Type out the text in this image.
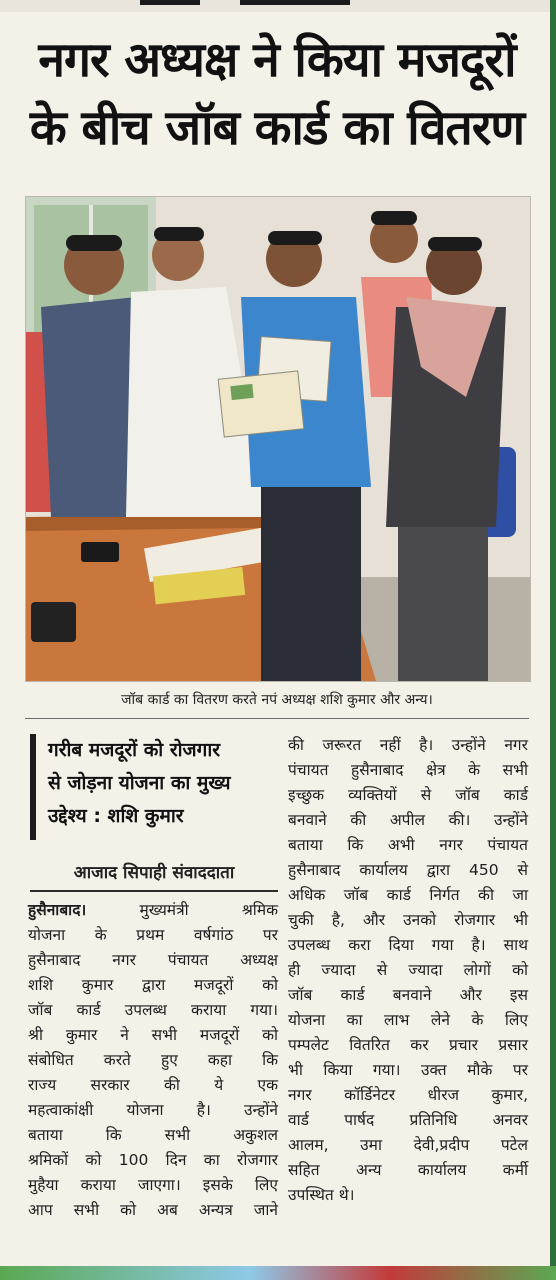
नगर अध्यक्ष ने किया मजदूरों
के बीच जॉब कार्ड का वितरण
जॉब कार्ड का वितरण करते नपं अध्यक्ष शशि कुमार और अन्य।
गरीब मजदूरों को रोजगार
से जोड़ना योजना का मुख्य
उद्देश्य : शशि कुमार
आजाद सिपाही संवाददाता
हुसैनाबाद।	मुख्यमंत्री श्रमिक
योजना के प्रथम वर्षगांठ पर
हुसैनाबाद नगर पंचायत अध्यक्ष
शशि कुमार द्वारा मजदूरों को
जॉब कार्ड उपलब्ध कराया गया।
श्री कुमार ने सभी मजदूरों को
संबोधित करते हुए कहा कि
राज्य सरकार की ये एक
महत्वाकांक्षी योजना है। उन्होंने
बताया कि सभी अकुशल
श्रमिकों को 100 दिन का रोजगार
मुहैया कराया जाएगा। इसके लिए
आप सभी को अब अन्यत्र जाने
की जरूरत नहीं है। उन्होंने नगर
पंचायत हुसैनाबाद क्षेत्र के सभी
इच्छुक व्यक्तियों से जॉब कार्ड
बनवाने की अपील की। उन्होंने
बताया कि अभी नगर पंचायत
हुसैनाबाद कार्यालय द्वारा 450 से
अधिक जॉब कार्ड निर्गत की जा
चुकी है, और उनको रोजगार भी
उपलब्ध करा दिया गया है। साथ
ही ज्यादा से ज्यादा लोगों को
जॉब कार्ड बनवाने और इस
योजना का लाभ लेने के लिए
पम्पलेट वितरित कर प्रचार प्रसार
भी किया गया। उक्त मौके पर
नगर कॉर्डिनेटर धीरज कुमार,
वार्ड पार्षद प्रतिनिधि अनवर
आलम, उमा देवी,प्रदीप पटेल
सहित अन्य कार्यालय कर्मी
उपस्थित थे।
